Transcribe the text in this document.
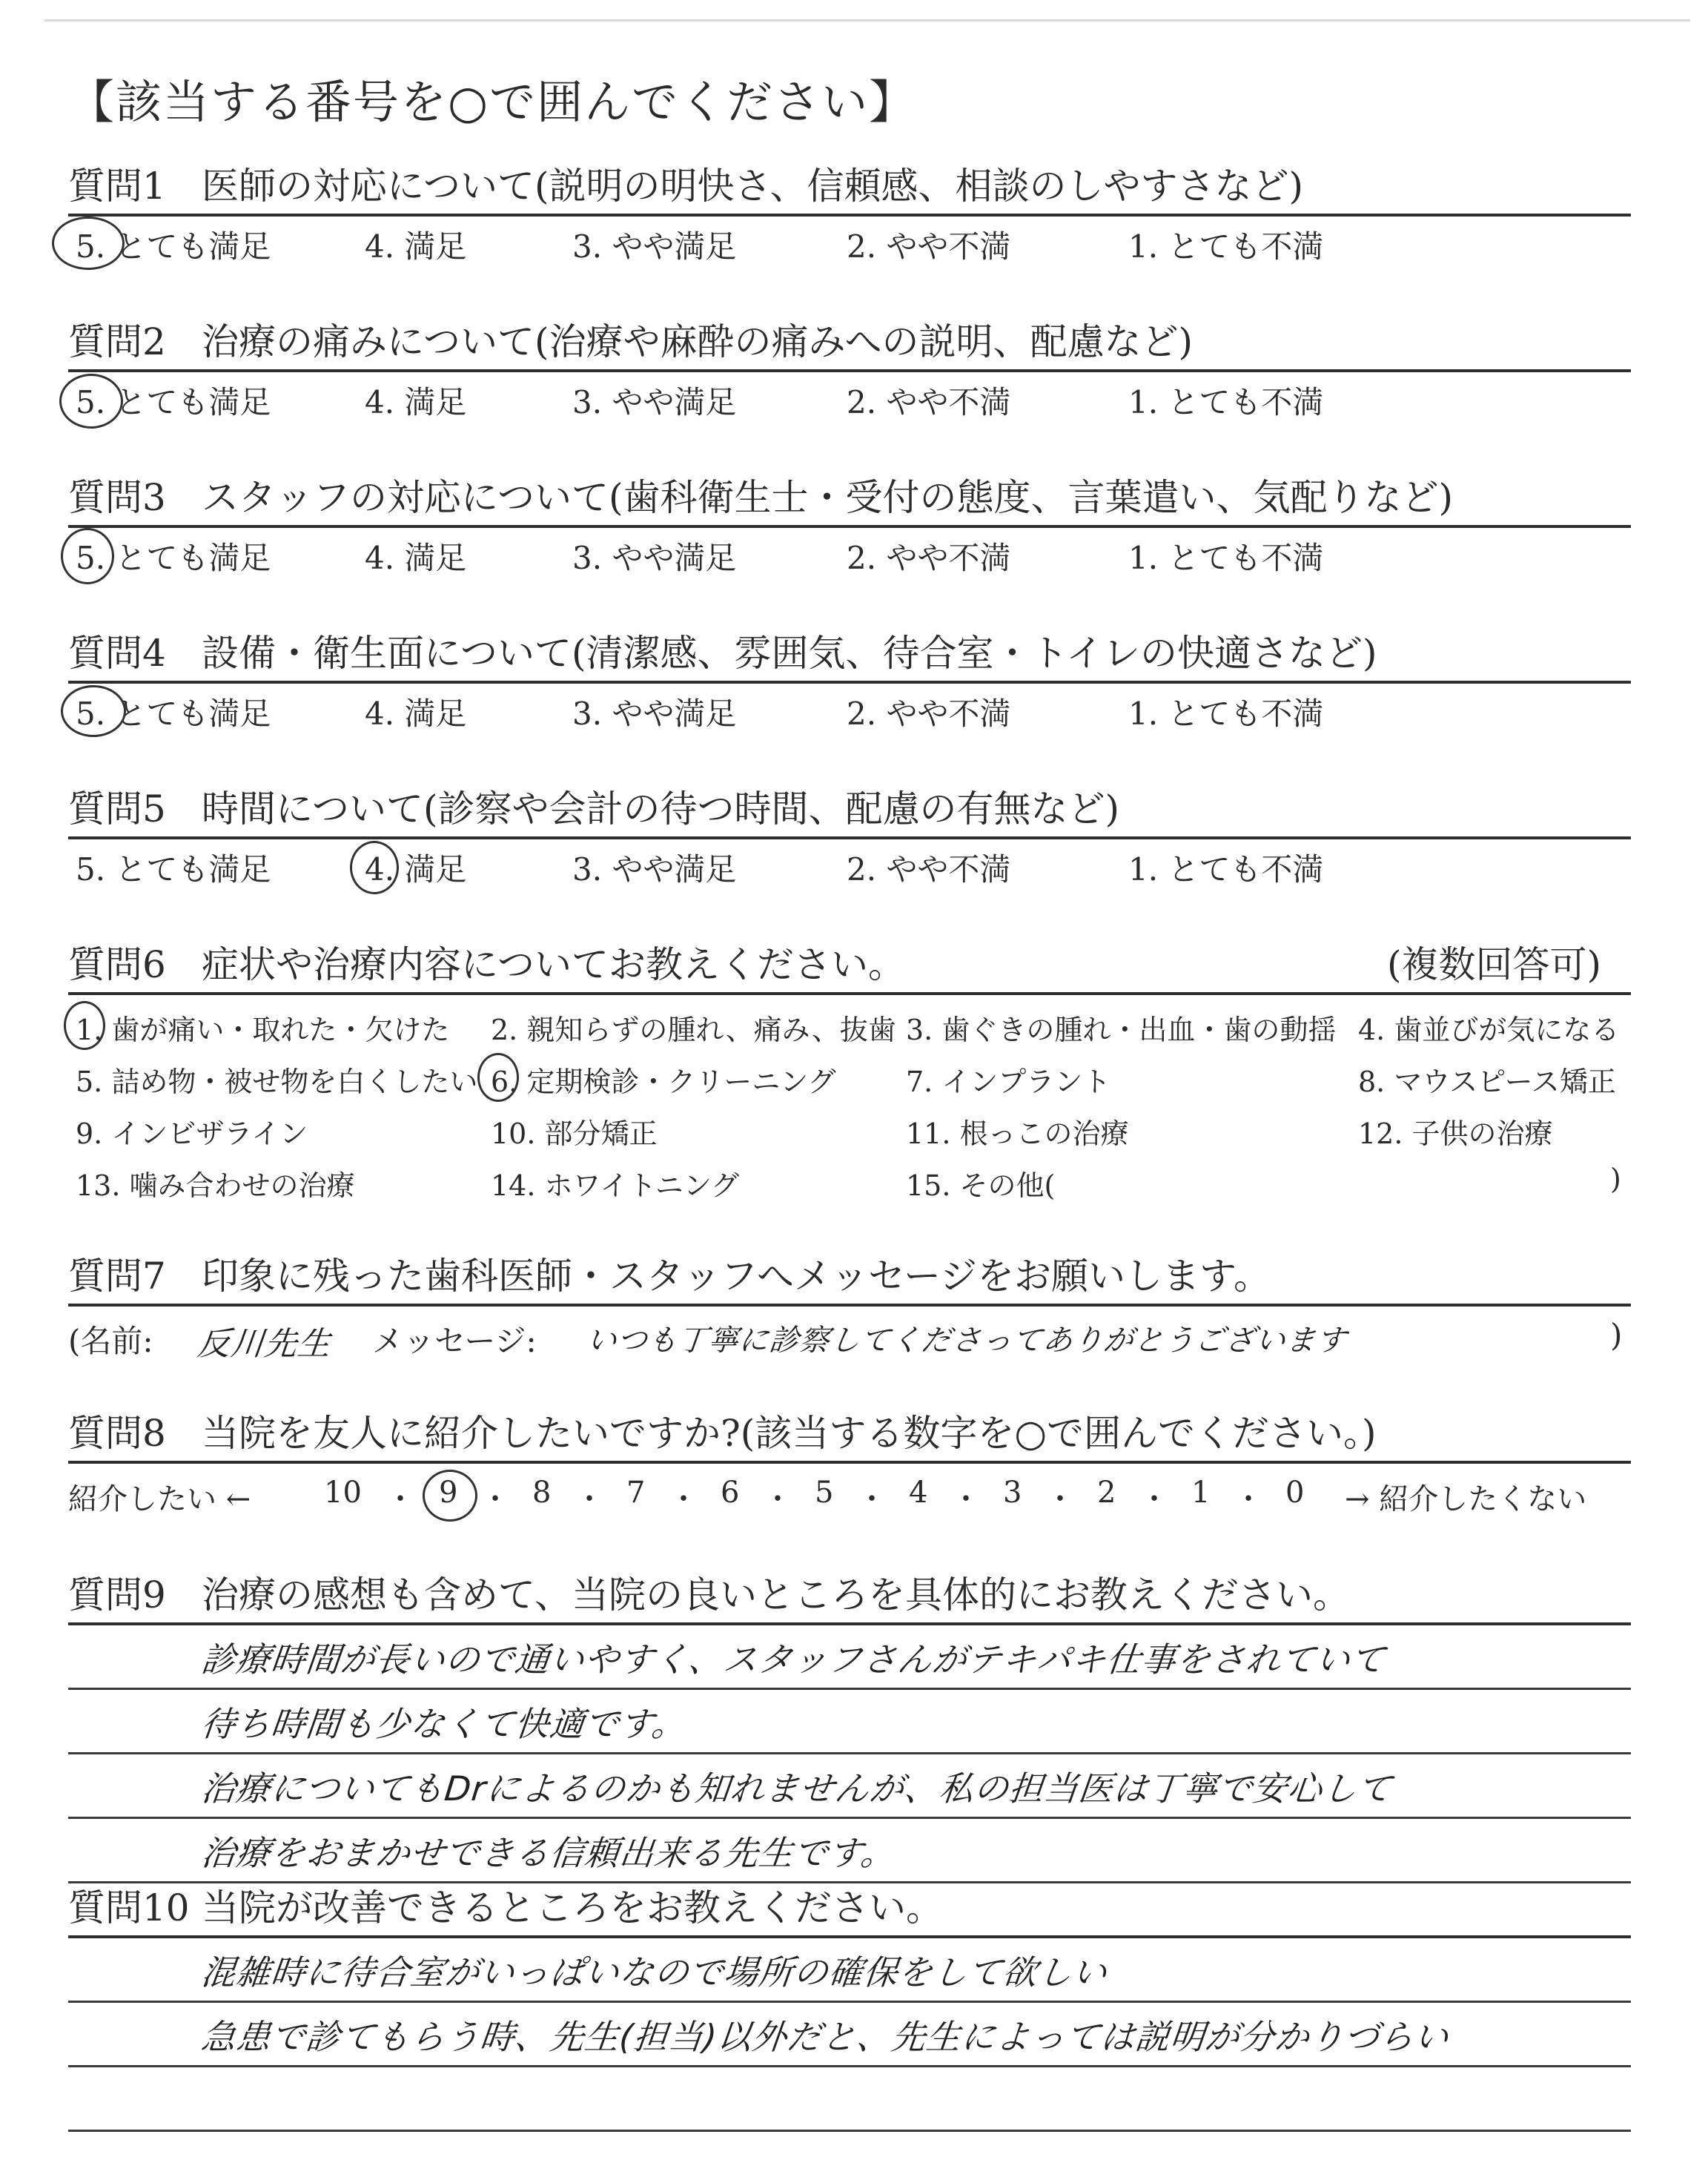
【該当する番号を○で囲んでください】
質問1 医師の対応について(説明の明快さ、信頼感、相談のしやすさなど)
5. とても満足	4. 満足	3. やや満足	2. やや不満	1. とても不満
質問2 治療の痛みについて(治療や麻酔の痛みへの説明、配慮など)
5. とても満足	4. 満足	3. やや満足	2. やや不満	1. とても不満
質問3 スタッフの対応について(歯科衛生士・受付の態度、言葉遣い、気配りなど)
5. とても満足	4. 満足	3. やや満足	2. やや不満	1. とても不満
質問4 設備・衛生面について(清潔感、雰囲気、待合室・トイレの快適さなど)
5. とても満足	4. 満足	3. やや満足	2. やや不満	1. とても不満
質問5 時間について(診察や会計の待つ時間、配慮の有無など)
5. とても満足	4. 満足	3. やや満足	2. やや不満	1. とても不満
質問6 症状や治療内容についてお教えください。	(複数回答可)
1. 歯が痛い・取れた・欠けた 2. 親知らずの腫れ、痛み、抜歯 3. 歯ぐきの腫れ・出血・歯の動揺 4. 歯並びが気になる
5. 詰め物・被せ物を白くしたい 6. 定期検診・クリーニング 7. インプラント	8. マウスピース矯正
9. インビザライン	10. 部分矯正	11. 根っこの治療	12. 子供の治療
13. 噛み合わせの治療	14. ホワイトニング	15. その他(	)
質問7 印象に残った歯科医師・スタッフへメッセージをお願いします。
(名前: 反川先生 メッセージ: いつも丁寧に診察してくださってありがとうございます	)
質問8 当院を友人に紹介したいですか?(該当する数字を○で囲んでください。)
紹介したい ← 10 ・ 9 ・ 8 ・ 7 ・ 6 ・ 5 ・ 4 ・ 3 ・ 2 ・ 1 ・ 0 → 紹介したくない
質問9 治療の感想も含めて、当院の良いところを具体的にお教えください。
診療時間が長いので通いやすく、スタッフさんがテキパキ仕事をされていて
待ち時間も少なくて快適です。
治療についてもDrによるのかも知れませんが、私の担当医は丁寧で安心して
治療をおまかせできる信頼出来る先生です。
質問10 当院が改善できるところをお教えください。
混雑時に待合室がいっぱいなので場所の確保をして欲しい
急患で診てもらう時、先生(担当)以外だと、先生によっては説明が分かりづらい
